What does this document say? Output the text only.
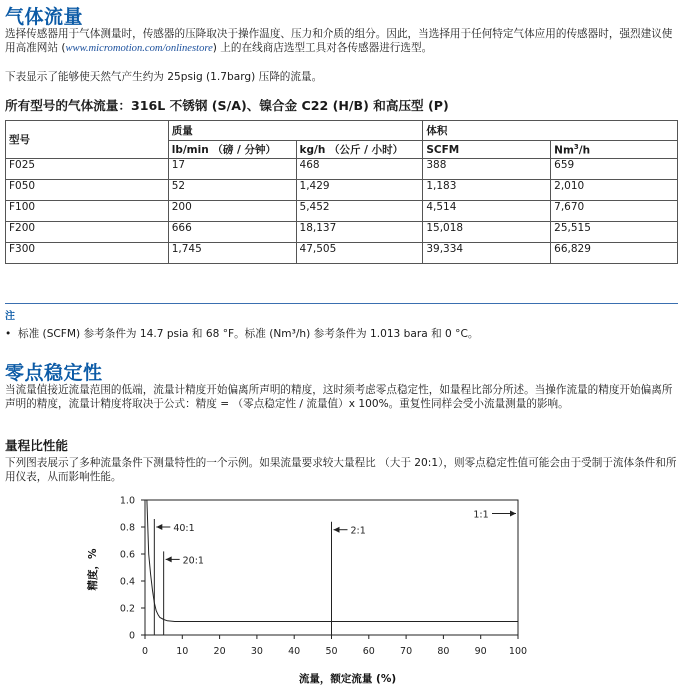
气体流量

选择传感器用于气体测量时，传感器的压降取决于操作温度、压力和介质的组分。因此，当选择用于任何特定气体应用的传感器时，强烈建议使用高准网站 (www.micromotion.com/onlinestore) 上的在线商店选型工具对各传感器进行选型。

下表显示了能够使天然气产生约为 25psig (1.7barg) 压降的流量。

所有型号的气体流量：316L 不锈钢 (S/A)、镍合金 C22 (H/B) 和高压型 (P)
型号	质量		体积	
	lb/min （磅 / 分钟）	kg/h （公斤 / 小时）	SCFM	Nm$^3$/h
F025	17	468	388	659
F050	52	1,429	1,183	2,010
F100	200	5,452	4,514	7,670
F200	666	18,137	15,018	25,515
F300	1,745	47,505	39,334	66,829

注

• 标准 (SCFM) 参考条件为 14.7 psia 和 68 °F。标准 (Nm³/h) 参考条件为 1.013 bara 和 0 °C。

零点稳定性

当流量值接近流量范围的低端，流量计精度开始偏离所声明的精度，这时须考虑零点稳定性，如量程比部分所述。当操作流量的精度开始偏离所声明的精度，流量计精度将取决于公式：精度 = （零点稳定性 / 流量值）x 100%。重复性同样会受小流量测量的影响。

量程比性能

下列图表展示了多种流量条件下测量特性的一个示例。如果流量要求较大量程比 （大于 20:1），则零点稳定性值可能会由于受制于流体条件和所用仪表，从而影响性能。

0	10	20	30	40	50	60	70	80	90 100
0
0.2
0.4
0.6
0.8
1.0
流量，额定流量 (%)
精度，%
40:1
20:1
2:1
1:1
